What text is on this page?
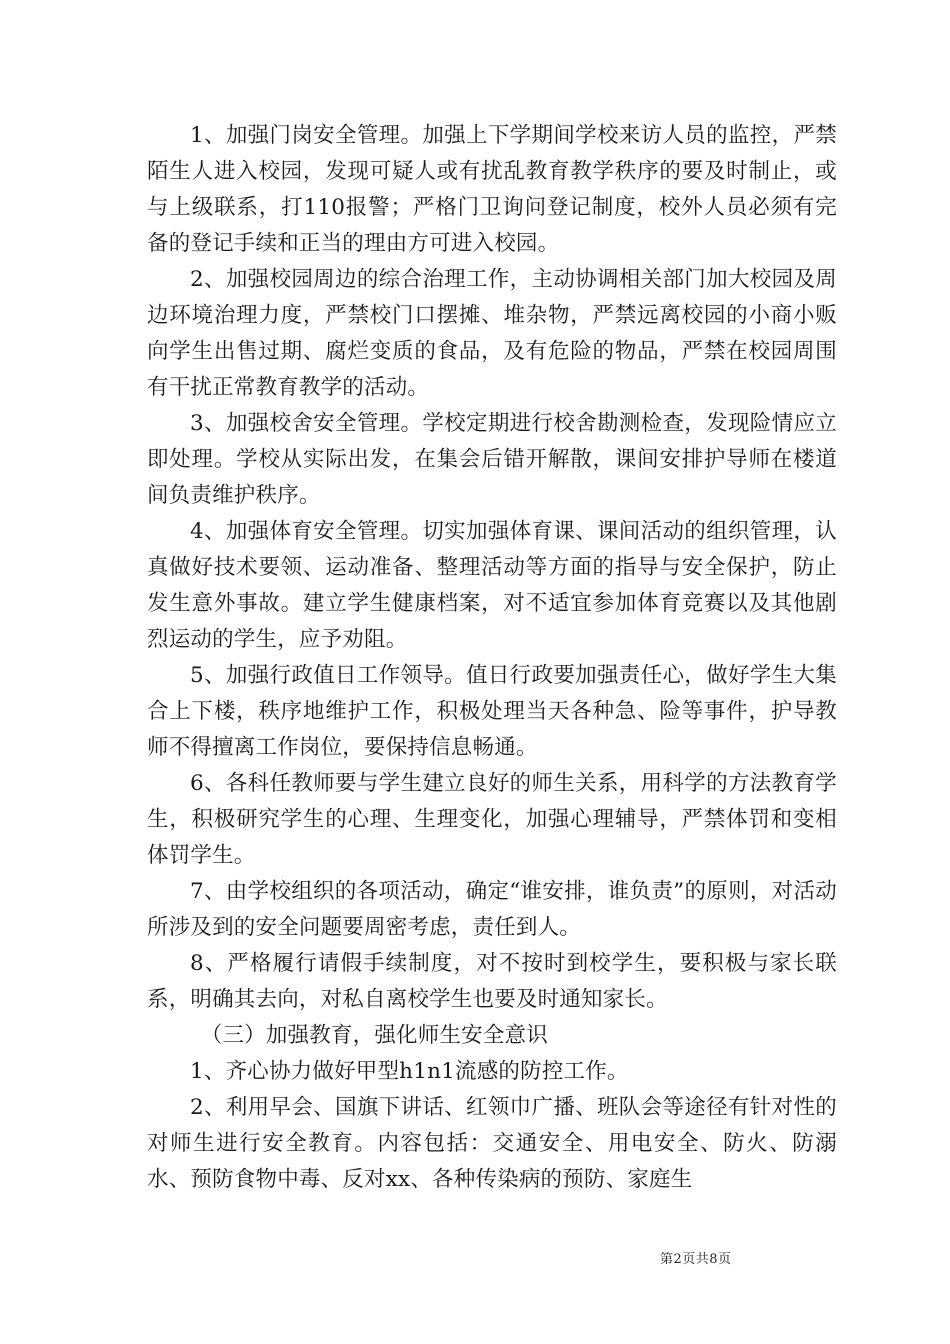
1、加强门岗安全管理。加强上下学期间学校来访人员的监控，严禁陌生人进入校园，发现可疑人或有扰乱教育教学秩序的要及时制止，或与上级联系，打110报警；严格门卫询问登记制度，校外人员必须有完备的登记手续和正当的理由方可进入校园。

2、加强校园周边的综合治理工作，主动协调相关部门加大校园及周边环境治理力度，严禁校门口摆摊、堆杂物，严禁远离校园的小商小贩向学生出售过期、腐烂变质的食品，及有危险的物品，严禁在校园周围有干扰正常教育教学的活动。

3、加强校舍安全管理。学校定期进行校舍勘测检查，发现险情应立即处理。学校从实际出发，在集会后错开解散，课间安排护导师在楼道间负责维护秩序。

4、加强体育安全管理。切实加强体育课、课间活动的组织管理，认真做好技术要领、运动准备、整理活动等方面的指导与安全保护，防止发生意外事故。建立学生健康档案，对不适宜参加体育竞赛以及其他剧烈运动的学生，应予劝阻。

5、加强行政值日工作领导。值日行政要加强责任心，做好学生大集合上下楼，秩序地维护工作，积极处理当天各种急、险等事件，护导教师不得擅离工作岗位，要保持信息畅通。

6、各科任教师要与学生建立良好的师生关系，用科学的方法教育学生，积极研究学生的心理、生理变化，加强心理辅导，严禁体罚和变相体罚学生。

7、由学校组织的各项活动，确定“谁安排，谁负责”的原则，对活动所涉及到的安全问题要周密考虑，责任到人。

8、严格履行请假手续制度，对不按时到校学生，要积极与家长联系，明确其去向，对私自离校学生也要及时通知家长。

（三）加强教育，强化师生安全意识

1、齐心协力做好甲型h1n1流感的防控工作。

2、利用早会、国旗下讲话、红领巾广播、班队会等途径有针对性的对师生进行安全教育。内容包括：交通安全、用电安全、防火、防溺水、预防食物中毒、反对xx、各种传染病的预防、家庭生

第2页共8页
